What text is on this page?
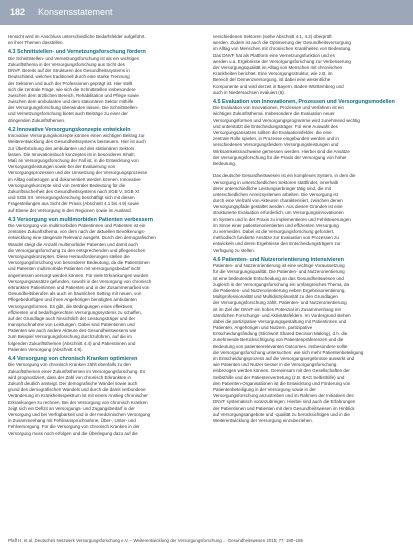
182 Konsensstatement
Hinsicht wird im Anschluss unterschiedliche Bedarfsfelder aufgeführt.
en ihrer Themen dasstellen.
4.3 Schnittstellen- und Vernetzungsforschung fördern
Die Schnittstellen- und Vernetzungsforschung ist als ein wichtiges
Zukunftsthema in der Versorgungsforschung aus Sicht des
DNVF. Bereits auf der Strukturen des Gesundheitssystems in
Deutschland, welches traditionell durch eine starke Trennung
der Sektoren und auch der Professionen geprägt ist. Hier stellt
sich die zentrale Frage, wie sich die Schnittstellen insbesondere
zwischen dem ärztlichen Bereich, Rehabilitation und Pflege sowie
zwischen dem ambulanten und dem stationären Sektor mithilfe
der Versorgungsforschung überwinden lassen. Die Schnittstellen-
und Vernetzungsforschung bietet auch Beiträge zu einer der
dringenden Zukunftsthemen.
4.2 Innovative Versorgungskonzepte entwickeln
Innovative Versorgungskonzepte können einen wichtigen Beitrag zur
Weiterentwicklung des Gesundheitssystems beisteuern. Hier ist auch
zur Überbrückung des ambulanten und des stationären Sektors
lassen. Die Innovationsbuch konzeptes ist in besonderes Inhalt;
Maß an Versorgungsforschung der Fall ist, in die Entwicklung von
Versorgungsleistungen sowie bei der Evaluierung von
Versorgungsprozessen und der Umsetzung der Versorgungsprozesse
im Alltag einbezogen und dokumentiert werden können. Innovative
Versorgungskonzepte sind von zentraler Bedeutung für die
Zukunftssicherheit des Gesundheitssystems nach SGB V, SGB XI
und SGB XII. Versorgungsforschung beschäftigt sich mit diesen
Fragestellungen aus Sicht der Praxis (Abschnitt 4.1 bis 4.9) sowie
auf Ebene der Versorgung in den Regionen sowie im Ausland.
4.3 Versorgung von multimorbiden Patienten verbessern
Die Versorgung von multimorbiden Patientinnen und Patienten ist ein
zentrales Zukunftsthema, von dem nach der aktuellen Bevölkerungs-
entwicklung eine steigende Relevanz ausgeht. Durch den demografischen
Wandel steigt die Anzahl multimorbider Patienten und damit auch
die Versorgungsforschung zu den entsprechenden und pflegerischen
Versorgungskonzepten. Diese Herausforderungen stellen die
Versorgungsforschung von besonderer Bedeutung, da die Patientinnen
und Patienten multimorbide Patienten mit Versorgungsbedarf nicht
angemessen versorgt werden können. Für viele Erkrankungen wurden
Versorgungsansätze gefunden, sowohl in der Versorgung von chronisch
erkrankten Patientinnen und Patienten und in der Zusammenarbeit von
Gesundheitsberufen als auch im häuslichen Setting mit neuen, von
Pflegebedürftigen und ihren Angehörigen benötigten ambulanten
Versorgungsformen. Es gibt, die Bedingungen eines effektiven,
effizienten und bedarfsgerechten Versorgungssystems zu schaffen,
auf der Grundlage auch hinsichtlich der Leistungsträger und der
Inanspruchnahme von Leistungen. Dabei sind Patientinnen und
Patienten wie auch andere Akteure des Gesundheitswesens wie
zum Beispiel Versorgungsforschung durchzuführen, auf die im
folgenden Zukunftsthemen (Abschnitt 4.4) und Patientinnen und
Patienten Versorgung (Abschnitt 4.8).
4.4 Versorgung von chronisch Kranken optimieren
Die Versorgung von chronisch Kranken zählt ebenfalls zu den
Zukunftsthemen einer Zukunftsthemen im Versorgungsforschung. Es
wird prognostiziert, dass der Zahl von chronisch Erkrankten in
Zukunft deutlich ansteigt. Der demografische Wandel sowie auch
grund des demografischen Wandels und durch die damit verbundene
Veränderung im Krankheitsspektrum ist mit einem Anstieg chronischer
Erkrankungen zu rechnen. Bei der Versorgung von chronisch Kranken
zeigt sich ein Defizit an Versorgungs- und Zugangsbedarf in der
Versorgung und bei Verfügbarkeit und in der medizinischen Versorgung
in Zusammenhang mit Fehlinanspruchnahme, Über-, Unter- und
Fehlversorgung. Für die Versorgung von chronisch Kranken in der
Versorgung muss noch erfolgen und die Überlegung dazu auf die
verschiedenen Sektoren (siehe Abschnitt 4.1, 4.2) überprüft
werden. Zudem ist auch die Optimierung der Gesundheitsversorgung
im Alltag von Menschen mit chronischen Krankheiten von Bedeutung.
Das DNVF hat als Plattform eine Vernetzungsfunktion und es
werden u.a. Ergebnisse der Versorgungsforschung zur Verbesserung
der Versorgungsqualität im Alltag von Menschen mit chronischen
Krankheiten berichtet. Eine Versorgungsstruktur, wie z.B. im
Bereich der Demenzversorgung, ist dabei eine wesentliche
Komponente und wird derzeit in Bayern, Baden-Württemberg und
auch in Niedersachsen evaluiert (6).
4.5 Evaluation von Innovationen, Prozessen und Versorgungsmodellen
Die Evaluation von Innovationen, Prozessen und Verfahren ist ein
wichtiges Zukunftsthema. Insbesondere die Evaluation neuer
Versorgungsformen und Versorgungsprogramme wird zunehmend wichtig
und unterstützt die Entscheidungsträger. Für eine Auswahl des
Versorgungsansatzes sollten die Evaluationsfelder, die eine
zentrale Rolle spielen, in Prozesse eingebunden werden und in
verschiedenen Versorgungsfeldern Versorgungsleistungen und
Wirksamkeitsnachweise gemessen werden. Hierbei sind die Ansätze
der Versorgungsforschung für die Praxis der Versorgung von hoher
Bedeutung.

Das deutsche Gesundheitswesen ist ein komplexes System, in dem die
Versorgung in unterschiedlichen Sektoren stattfindet, innerhalb
derer unterschiedliche Leistungserbringer tätig sind, die mit
unterschiedlichen Anreizsystemen arbeiten. Die Versorgung ist
durch eine Vielzahl von Akteuren charakterisiert, zwischen denen
Versorgungspfade gestaltet werden. Aus diesen Gründen ist eine
strukturierte Evaluation erforderlich, um Versorgungsinnovationen
im System und in der Praxis zu implementieren und Fehlsteuerungen
im Sinne einer patientenorientierten und effizienten Versorgung
zu vermeiden. Dabei ist die Versorgungsforschung gefordert,
methodisch fundierte Ansätze zur Evaluation von Prozessen zu
entwickeln und deren Ergebnisse den Entscheidungsträgern zur
Verfügung zu stellen.
4.6 Patienten- und Nutzerorientierung intensivieren
Patienten- und Nutzerorientierung ist eine wichtige Voraussetzung
für die Versorgungsqualität. Die Patienten- und Nutzerorientierung
ist eine bedeutende Entscheidung an das Gesundheitswesen und
zugleich in der Versorgungsforschung ein umfangreiches Thema, da
die Patienten- und Nutzerorientierung neben Ergebnisorientierung,
Multiprofessionalität und Multidisziplinarität zu den Grundlagen
der Versorgungsforschung zählt. Patienten- und Nutzerorientierung
ist im Ziel der DNVF ein hohes Potenzial im Zusammenhang mit
sämtlichen Forschungs- und Aktivitätsfeldern. Im Vordergrund stehen
dabei die partizipative Versorgungsgestaltung mit Patientinnen und
Patienten, Angehörigen und Nutzern, partizipative
Entscheidungsfindung (Stichwort Shared Decision Making), d.h. die
zunehmende Berücksichtigung von Patientenpräferenzen und die
Bedeutung von patientenrelevanten Outcomes. Insbesondere sollte
die Versorgungsforschung untersuchen, wie sich mehr Patientenbeteiligung
im Entscheidungsprozess auf die Versorgungsergebnisse auswirkt und
wie Patienten und Nutzer besser in die Versorgungsforschung
einbezogen werden können. Gemeinsam mit den Gesellschaften der
Selbsthilfe und der Patientenvertretung (z.B. BAG Selbsthilfe) und
den Patienten-Organisationen ist die Entwicklung und Förderung von
Patientenbeteiligung in der Versorgung sowie in der
Versorgungsforschung anzustreben und im Rahmen der Initiativen des
DNVF systematisch voranzubringen. Hierbei sind auch die Erfahrungen
der Patientinnen und Patienten mit dem Gesundheitswesen im Hinblick
auf Versorgungsangebote und -qualität zu berücksichtigen und in die
Weiterentwicklung der Versorgung einzubeziehen.
Pfaff H, et al. Deutsches Netzwerk Versorgungsforschung e.V. – Weiterentwicklung der Versorgungsforschung ... Gesundheitswesen 2015; 77: 180–185
